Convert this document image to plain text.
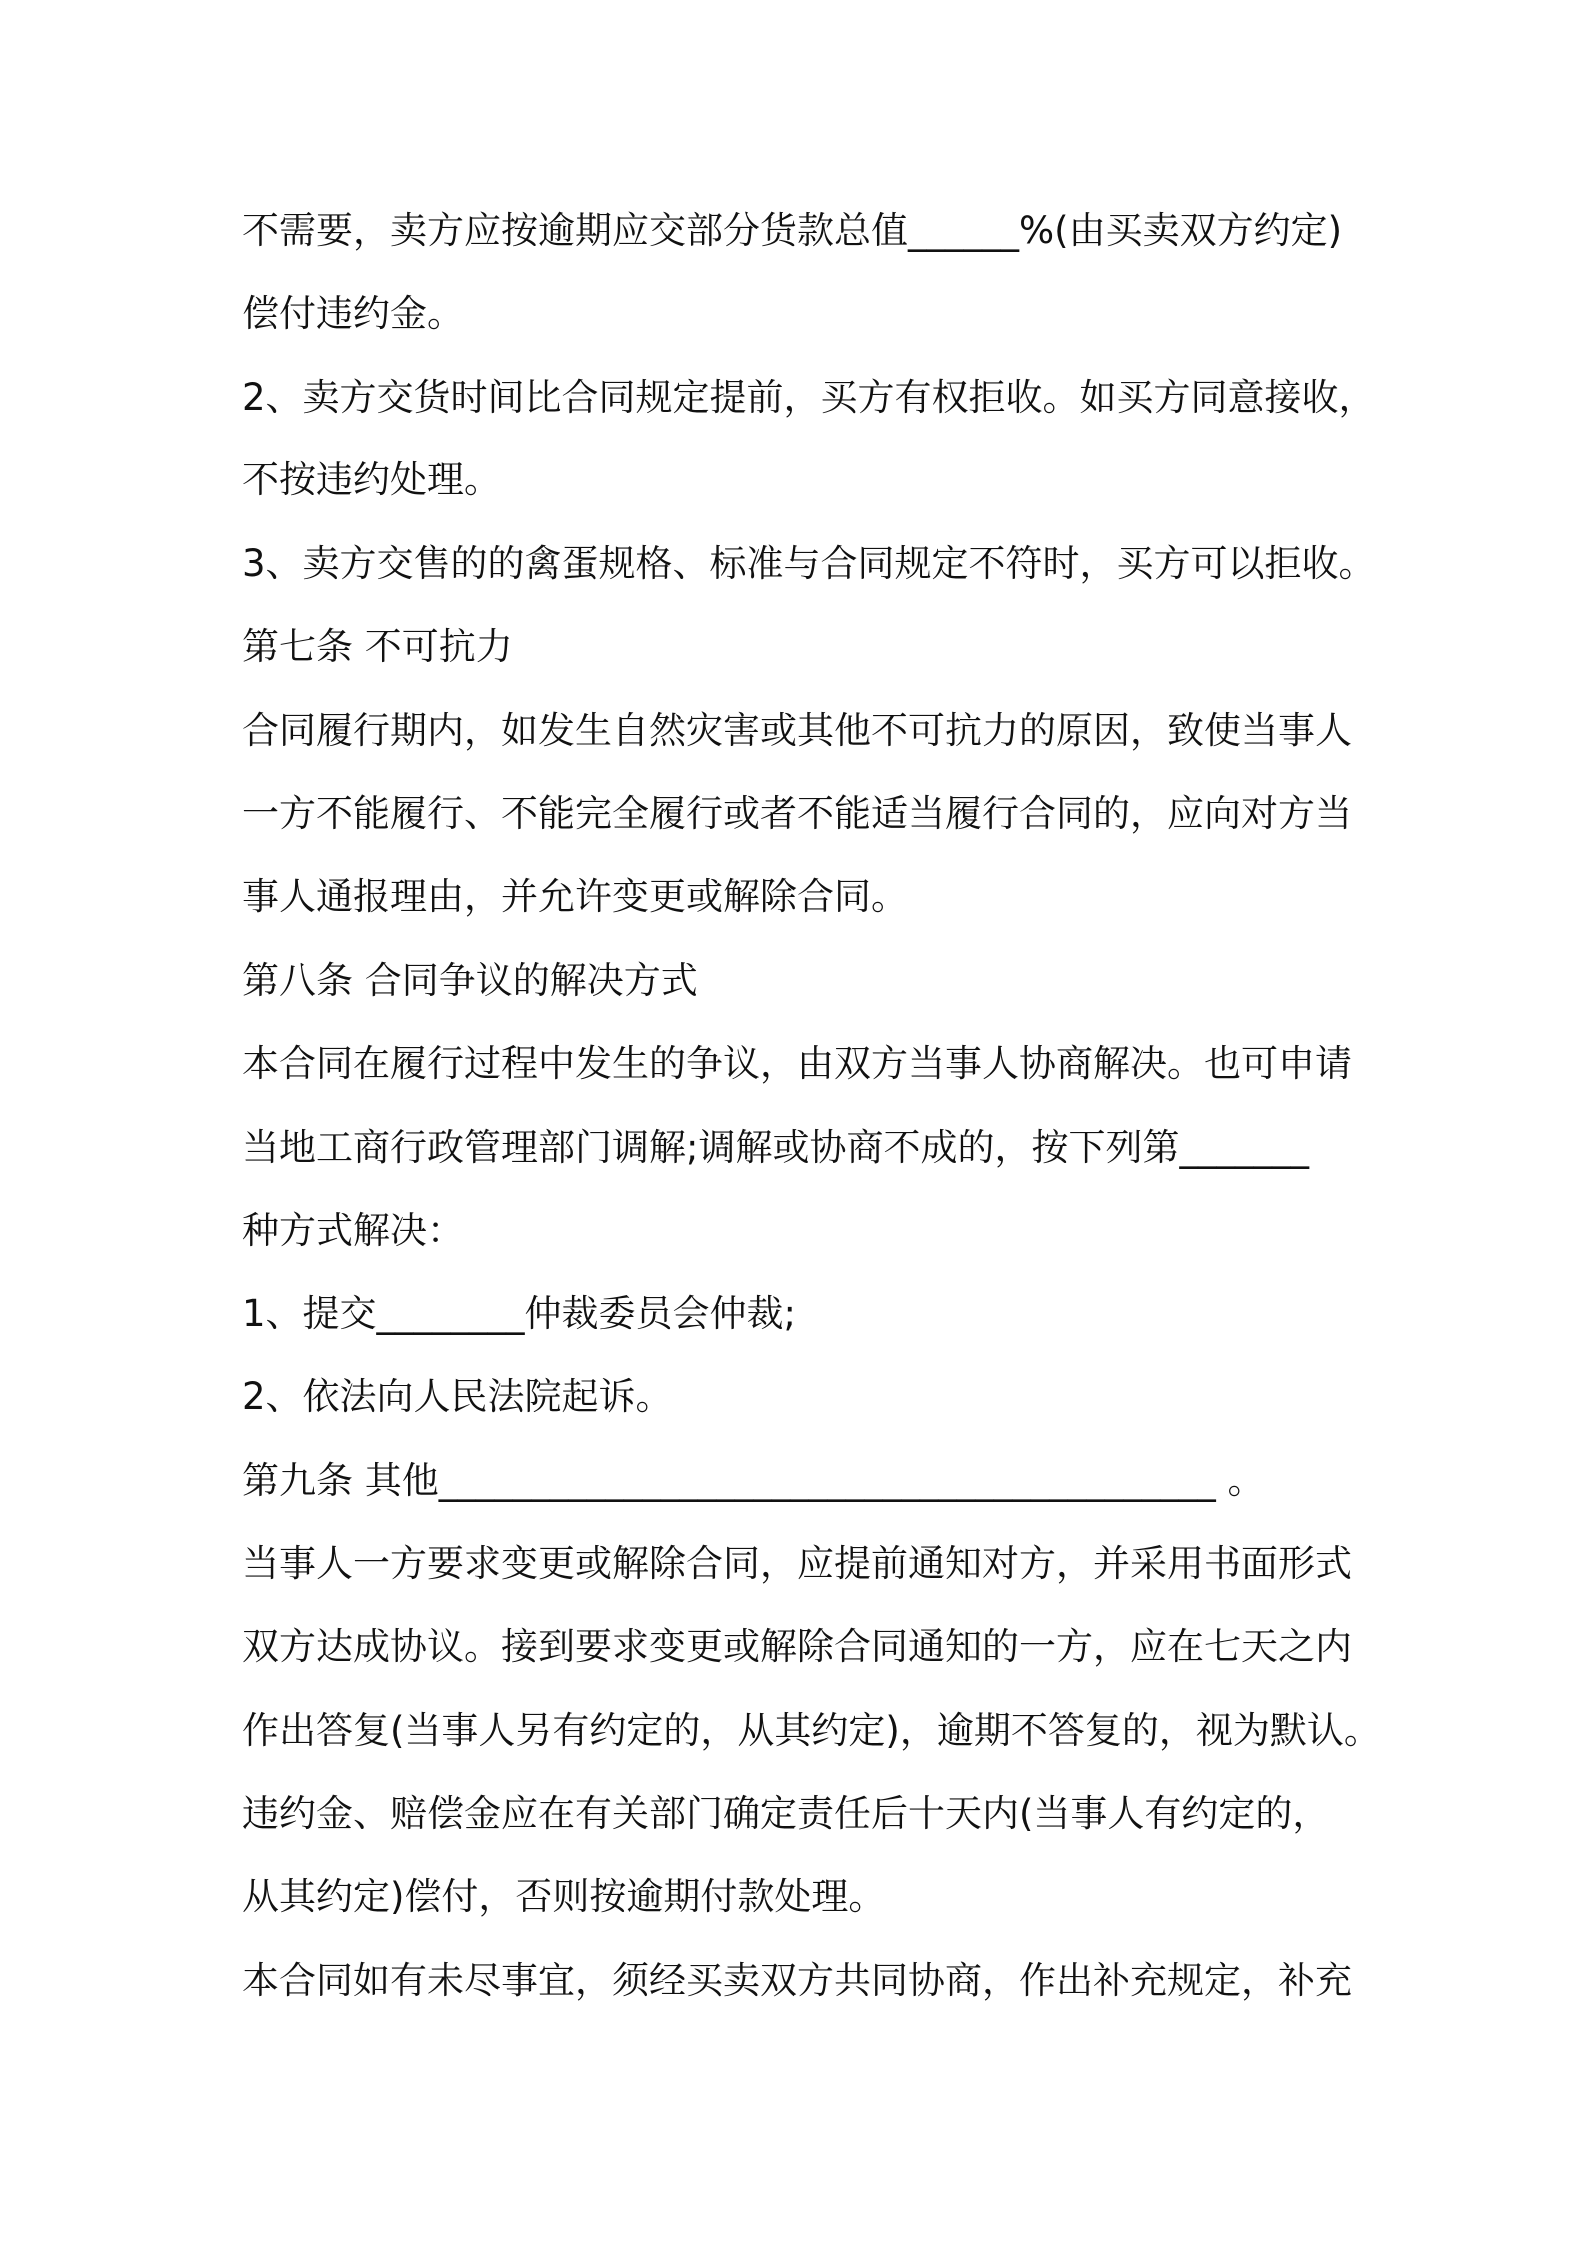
不需要，卖方应按逾期应交部分货款总值______%(由买卖双方约定)
偿付违约金。
2、卖方交货时间比合同规定提前，买方有权拒收。如买方同意接收，
不按违约处理。
3、卖方交售的的禽蛋规格、标准与合同规定不符时，买方可以拒收。
第七条 不可抗力
合同履行期内，如发生自然灾害或其他不可抗力的原因，致使当事人
一方不能履行、不能完全履行或者不能适当履行合同的，应向对方当
事人通报理由，并允许变更或解除合同。
第八条 合同争议的解决方式
本合同在履行过程中发生的争议，由双方当事人协商解决。也可申请
当地工商行政管理部门调解;调解或协商不成的，按下列第_______
种方式解决：
1、提交________仲裁委员会仲裁;
2、依法向人民法院起诉。
第九条 其他__________________________________________ 。
当事人一方要求变更或解除合同，应提前通知对方，并采用书面形式
双方达成协议。接到要求变更或解除合同通知的一方，应在七天之内
作出答复(当事人另有约定的，从其约定)，逾期不答复的，视为默认。
违约金、赔偿金应在有关部门确定责任后十天内(当事人有约定的，
从其约定)偿付，否则按逾期付款处理。
本合同如有未尽事宜，须经买卖双方共同协商，作出补充规定，补充
